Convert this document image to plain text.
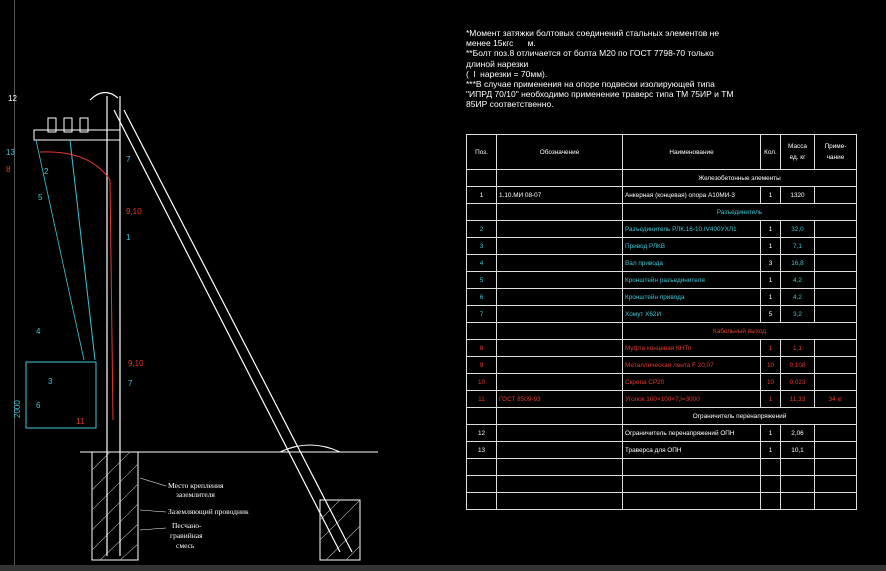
12
13
8	2
5
7
9,10
1
4
3
6
9,10
7
11
2000
Место крепления
заземлителя
Заземляющий проводник
Песчано-
гравийная
смесь
*Момент затяжки болтовых соединений стальных элементов не
менее 15кгс      м.
**Болт поз.8 отличается от болта М20 по ГОСТ 7798-70 только
длиной нарезки
(  l  нарезки = 70мм).
***В случае применения на опоре подвески изолирующей типа
"ИПРД 70/10" необходимо применение траверс типа ТМ 75ИР и ТМ
85ИР соответственно.
Поз.	Обозначение	Наименование	Кол.	Масса ед. кг	Приме- чание
		Железобетонные элементы			
1	1.10.МИ 08-07	Анкерная (концевая) опора А10МИ-3	1	1320	
		Разъединитель			
2		Разъединитель РЛК.16-10.IV400УХЛ1	1	32,0	
3		Привод РЛКВ	1	7,1	
4		Вал привода	3	16,8	
5		Кронштейн разъединителя	1	4,2	
6		Кронштейн привода	1	4,2	
7		Хомут Х62И	5	3,2	
		Кабельный выход			
8		Муфта концевая КНТп	1	1,1	
9		Металлическая лента F 20,07	10	0,108	
10		Скрепа СР20	10	0,023	
11	ГОСТ 8509-93	Уголок 100×100×7,l=3000	1	11,33	34 кг
		Ограничитель перенапряжений			
12		Ограничитель перенапряжений ОПН	1	2,06	
13		Траверса для ОПН	1	10,1	
